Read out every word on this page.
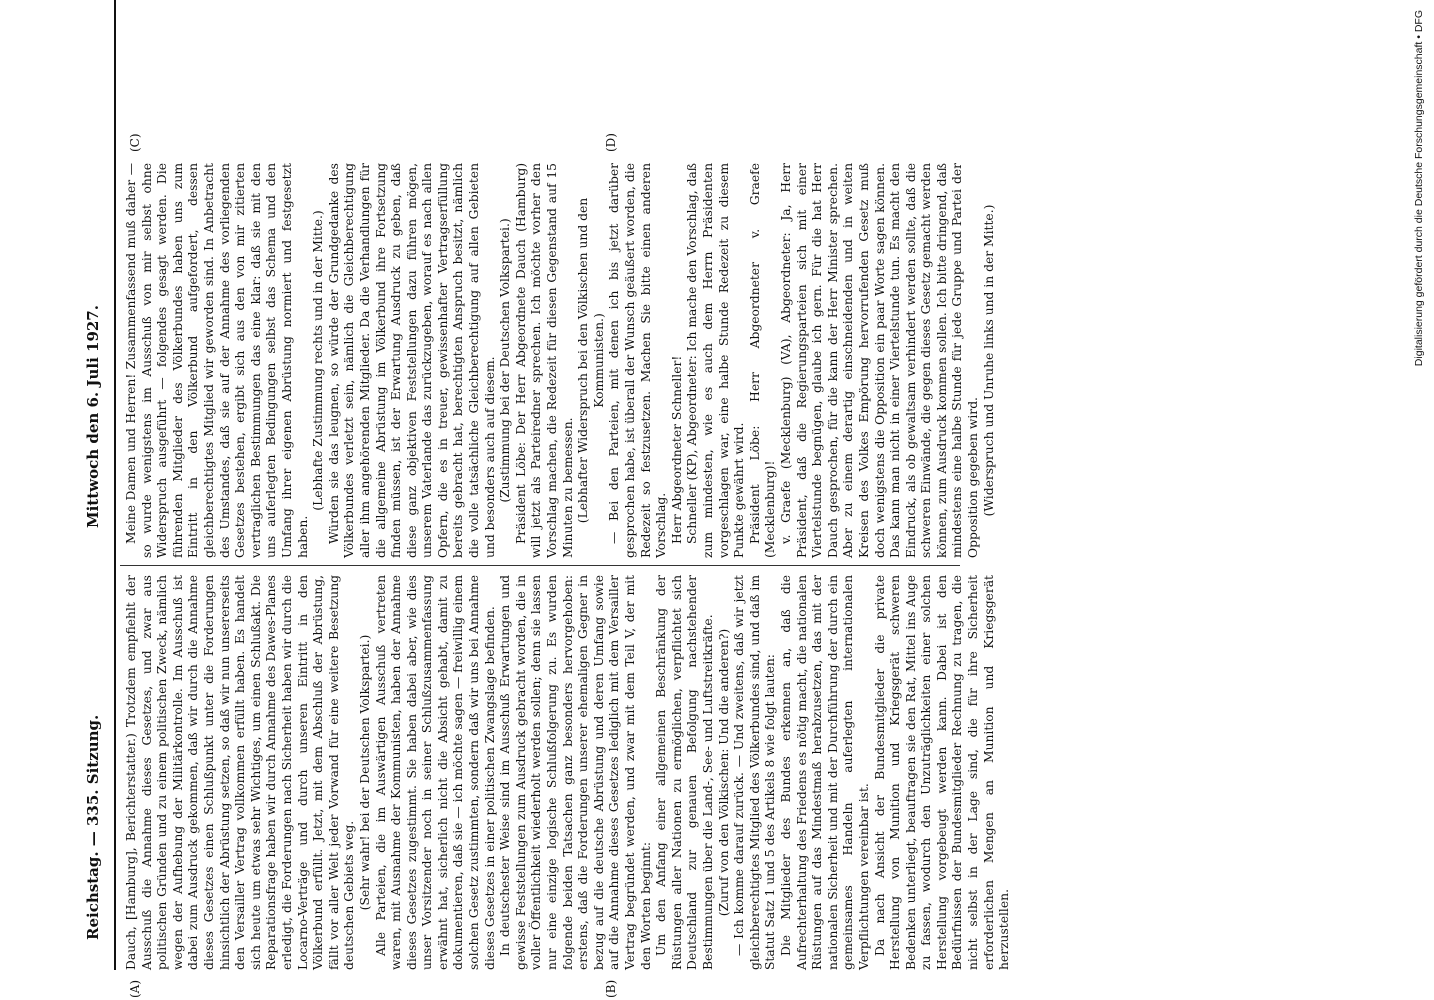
Reichstag. — 335. Sitzung.
Mittwoch den 6. Juli 1927.

Dauch, [Hamburg], Berichterstatter.) Trotzdem empfiehlt der Ausschuß die Annahme dieses Gesetzes, und zwar aus politischen Gründen und zu einem politischen Zweck, nämlich wegen der Aufhebung der Militärkontrolle. Im Ausschuß ist dabei zum Ausdruck gekommen, daß wir durch die Annahme dieses Gesetzes einen Schlußpunkt unter die Forderungen hinsichtlich der Abrüstung setzen, so daß wir nun unsererseits den Versailler Vertrag vollkommen erfüllt haben. Es handelt sich heute um etwas sehr Wichtiges, um einen Schlußakt. Die Reparationsfrage haben wir durch Annahme des Dawes-Planes erledigt, die Forderungen nach Sicherheit haben wir durch die Locarno-Verträge und durch unseren Eintritt in den Völkerbund erfüllt. Jetzt, mit dem Abschluß der Abrüstung, fällt vor aller Welt jeder Vorwand für eine weitere Besetzung deutschen Gebiets weg. (Sehr wahr! bei der Deutschen Volkspartei.) Alle Parteien, die im Auswärtigen Ausschuß vertreten waren, mit Ausnahme der Kommunisten, haben der Annahme dieses Gesetzes zugestimmt. Sie haben dabei aber, wie dies unser Vorsitzender noch in seiner Schlußzusammenfassung erwähnt hat, sicherlich nicht die Absicht gehabt, damit zu dokumentieren, daß sie — ich möchte sagen — freiwillig einem solchen Gesetz zustimmten, sondern daß wir uns bei Annahme dieses Gesetzes in einer politischen Zwangslage befinden. In deutschester Weise sind im Ausschuß Erwartungen und gewisse Feststellungen zum Ausdruck gebracht worden, die in voller Öffentlichkeit wiederholt werden sollen; denn sie lassen nur eine einzige logische Schlußfolgerung zu. Es wurden folgende beiden Tatsachen ganz besonders hervorgehoben: erstens, daß die Forderungen unserer ehemaligen Gegner in bezug auf die deutsche Abrüstung und deren Umfang sowie auf die Annahme dieses Gesetzes lediglich mit dem Versailler Vertrag begründet werden, und zwar mit dem Teil V, der mit den Worten beginnt: Um den Anfang einer allgemeinen Beschränkung der Rüstungen aller Nationen zu ermöglichen, verpflichtet sich Deutschland zur genauen Befolgung nachstehender Bestimmungen über die Land-, See- und Luftstreitkräfte. (Zuruf von den Völkischen: Und die anderen?) — Ich komme darauf zurück. — Und zweitens, daß wir jetzt gleichberechtigtes Mitglied des Völkerbundes sind, und daß im Statut Satz 1 und 5 des Artikels 8 wie folgt lauten: Die Mitglieder des Bundes erkennen an, daß die Aufrechterhaltung des Friedens es nötig macht, die nationalen Rüstungen auf das Mindestmaß herabzusetzen, das mit der nationalen Sicherheit und mit der Durchführung der durch ein gemeinsames Handeln auferlegten internationalen Verpflichtungen vereinbar ist. Da nach Ansicht der Bundesmitglieder die private Herstellung von Munition und Kriegsgerät schweren Bedenken unterliegt, beauftragen sie den Rat, Mittel ins Auge zu fassen, wodurch den Unzuträglichkeiten einer solchen Herstellung vorgebeugt werden kann. Dabei ist den Bedürfnissen der Bundesmitglieder Rechnung zu tragen, die nicht selbst in der Lage sind, die für ihre Sicherheit erforderlichen Mengen an Munition und Kriegsgerät herzustellen.

Meine Damen und Herren! Zusammenfassend muß daher — so wurde wenigstens im Ausschuß von mir selbst ohne Widerspruch ausgeführt — folgendes gesagt werden. Die führenden Mitglieder des Völkerbundes haben uns zum Eintritt in den Völkerbund aufgefordert, dessen gleichberechtigtes Mitglied wir geworden sind. In Anbetracht des Umstandes, daß sie auf der Annahme des vorliegenden Gesetzes bestehen, ergibt sich aus den von mir zitierten vertraglichen Bestimmungen das eine klar: daß sie mit den uns auferlegten Bedingungen selbst das Schema und den Umfang ihrer eigenen Abrüstung normiert und festgesetzt haben.

(Lebhafte Zustimmung rechts und in der Mitte.) Würden sie das leugnen, so würde der Grundgedanke des Völkerbundes verletzt sein, nämlich die Gleichberechtigung aller ihm angehörenden Mitglieder. Da die Verhandlungen für die allgemeine Abrüstung im Völkerbund ihre Fortsetzung finden müssen, ist der Erwartung Ausdruck zu geben, daß diese ganz objektiven Feststellungen dazu führen mögen, unserem Vaterlande das zurückzugeben, worauf es nach allen Opfern, die es in treuer, gewissenhafter Vertragserfüllung bereits gebracht hat, berechtigten Anspruch besitzt, nämlich die volle tatsächliche Gleichberechtigung auf allen Gebieten und besonders auch auf diesem. (Zustimmung bei der Deutschen Volkspartei.) Präsident Löbe: Der Herr Abgeordnete Dauch (Hamburg) will jetzt als Parteiredner sprechen. Ich möchte vorher den Vorschlag machen, die Redezeit für diesen Gegenstand auf 15 Minuten zu bemessen. (Lebhafter Widerspruch bei den Völkischen und den Kommunisten.) — Bei den Parteien, mit denen ich bis jetzt darüber gesprochen habe, ist überall der Wunsch geäußert worden, die Redezeit so festzusetzen. Machen Sie bitte einen anderen Vorschlag. Herr Abgeordneter Schneller! Schneller (KP), Abgeordneter: Ich mache den Vorschlag, daß zum mindesten, wie es auch dem Herrn Präsidenten vorgeschlagen war, eine halbe Stunde Redezeit zu diesem Punkte gewährt wird. Präsident Löbe: Herr Abgeordneter v. Graefe (Mecklenburg)! v. Graefe (Mecklenburg) (VA), Abgeordneter: Ja, Herr Präsident, daß die Regierungsparteien sich mit einer Viertelstunde begnügen, glaube ich gern. Für die hat Herr Dauch gesprochen, für die kann der Herr Minister sprechen. Aber zu einem derartig einschneidenden und in weiten Kreisen des Volkes Empörung hervorrufenden Gesetz muß doch wenigstens die Opposition ein paar Worte sagen können. Das kann man nicht in einer Viertelstunde tun. Es macht den Eindruck, als ob gewaltsam verhindert werden sollte, daß die schweren Einwände, die gegen dieses Gesetz gemacht werden können, zum Ausdruck kommen sollen. Ich bitte dringend, daß mindestens eine halbe Stunde für jede Gruppe und Partei der Opposition gegeben wird. (Widerspruch und Unruhe links und in der Mitte.)

(A)	(B)
(C)	(D)	Digitalisierung gefördert durch die Deutsche Forschungsgemeinschaft • DFG
